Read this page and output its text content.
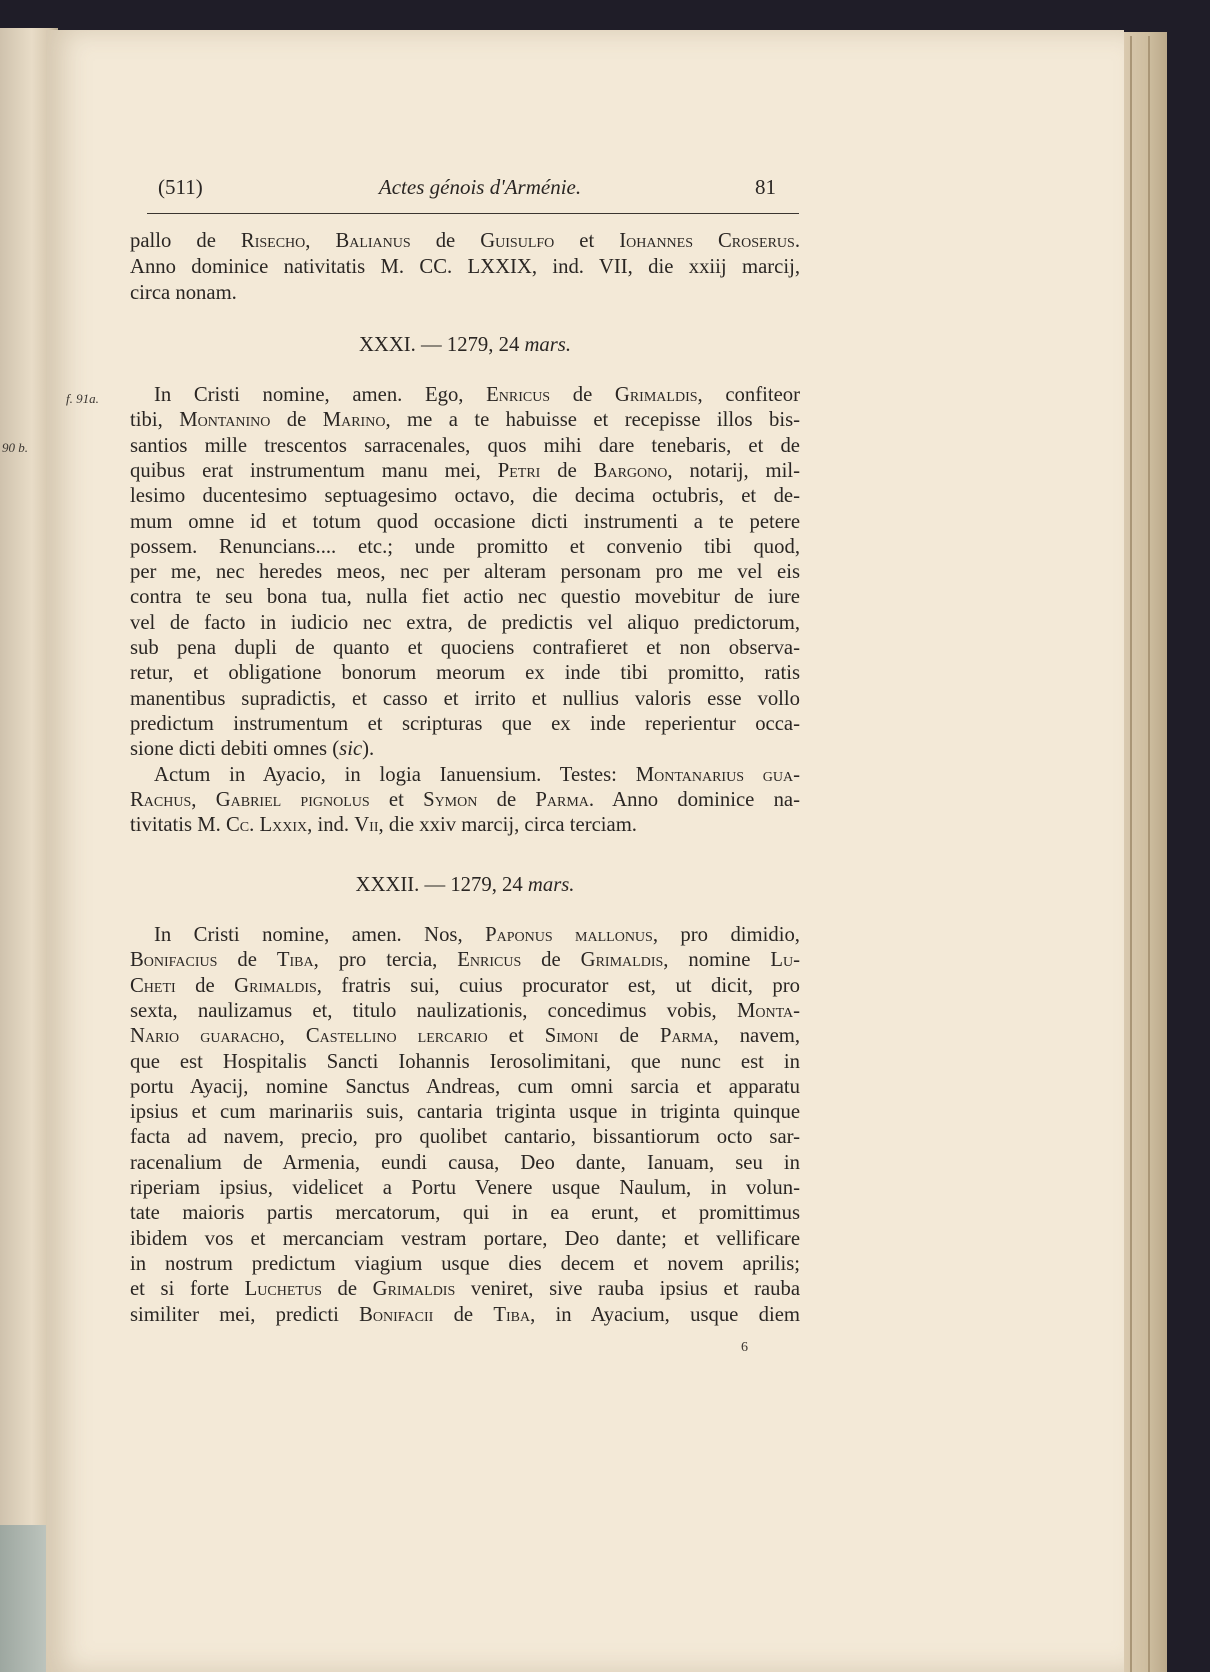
(511)	Actes génois d'Arménie.	81
f. 91a.
90 b.
pallo de Risecho, Balianus de Guisulfo et Iohannes Croserus.
Anno dominice nativitatis M. CC. LXXIX, ind. VII, die xxiij marcij,
circa nonam.
XXXI. — 1279, 24 mars.
In Cristi nomine, amen. Ego, Enricus de Grimaldis, confiteor
tibi, Montanino de Marino, me a te habuisse et recepisse illos bis-
santios mille trescentos sarracenales, quos mihi dare tenebaris, et de
quibus erat instrumentum manu mei, Petri de Bargono, notarij, mil-
lesimo ducentesimo septuagesimo octavo, die decima octubris, et de-
mum omne id et totum quod occasione dicti instrumenti a te petere
possem. Renuncians.... etc.; unde promitto et convenio tibi quod,
per me, nec heredes meos, nec per alteram personam pro me vel eis
contra te seu bona tua, nulla fiet actio nec questio movebitur de iure
vel de facto in iudicio nec extra, de predictis vel aliquo predictorum,
sub pena dupli de quanto et quociens contrafieret et non observa-
retur, et obligatione bonorum meorum ex inde tibi promitto, ratis
manentibus supradictis, et casso et irrito et nullius valoris esse vollo
predictum instrumentum et scripturas que ex inde reperientur occa-
sione dicti debiti omnes (sic).
Actum in Ayacio, in logia Ianuensium. Testes: Montanarius gua-
Rachus, Gabriel pignolus et Symon de Parma. Anno dominice na-
tivitatis M. Cc. Lxxix, ind. Vii, die xxiv marcij, circa terciam.
XXXII. — 1279, 24 mars.
In Cristi nomine, amen. Nos, Paponus mallonus, pro dimidio,
Bonifacius de Tiba, pro tercia, Enricus de Grimaldis, nomine Lu-
Cheti de Grimaldis, fratris sui, cuius procurator est, ut dicit, pro
sexta, naulizamus et, titulo naulizationis, concedimus vobis, Monta-
Nario guaracho, Castellino lercario et Simoni de Parma, navem,
que est Hospitalis Sancti Iohannis Ierosolimitani, que nunc est in
portu Ayacij, nomine Sanctus Andreas, cum omni sarcia et apparatu
ipsius et cum marinariis suis, cantaria triginta usque in triginta quinque
facta ad navem, precio, pro quolibet cantario, bissantiorum octo sar-
racenalium de Armenia, eundi causa, Deo dante, Ianuam, seu in
riperiam ipsius, videlicet a Portu Venere usque Naulum, in volun-
tate maioris partis mercatorum, qui in ea erunt, et promittimus
ibidem vos et mercanciam vestram portare, Deo dante; et vellificare
in nostrum predictum viagium usque dies decem et novem aprilis;
et si forte Luchetus de Grimaldis veniret, sive rauba ipsius et rauba
similiter mei, predicti Bonifacii de Tiba, in Ayacium, usque diem
6
